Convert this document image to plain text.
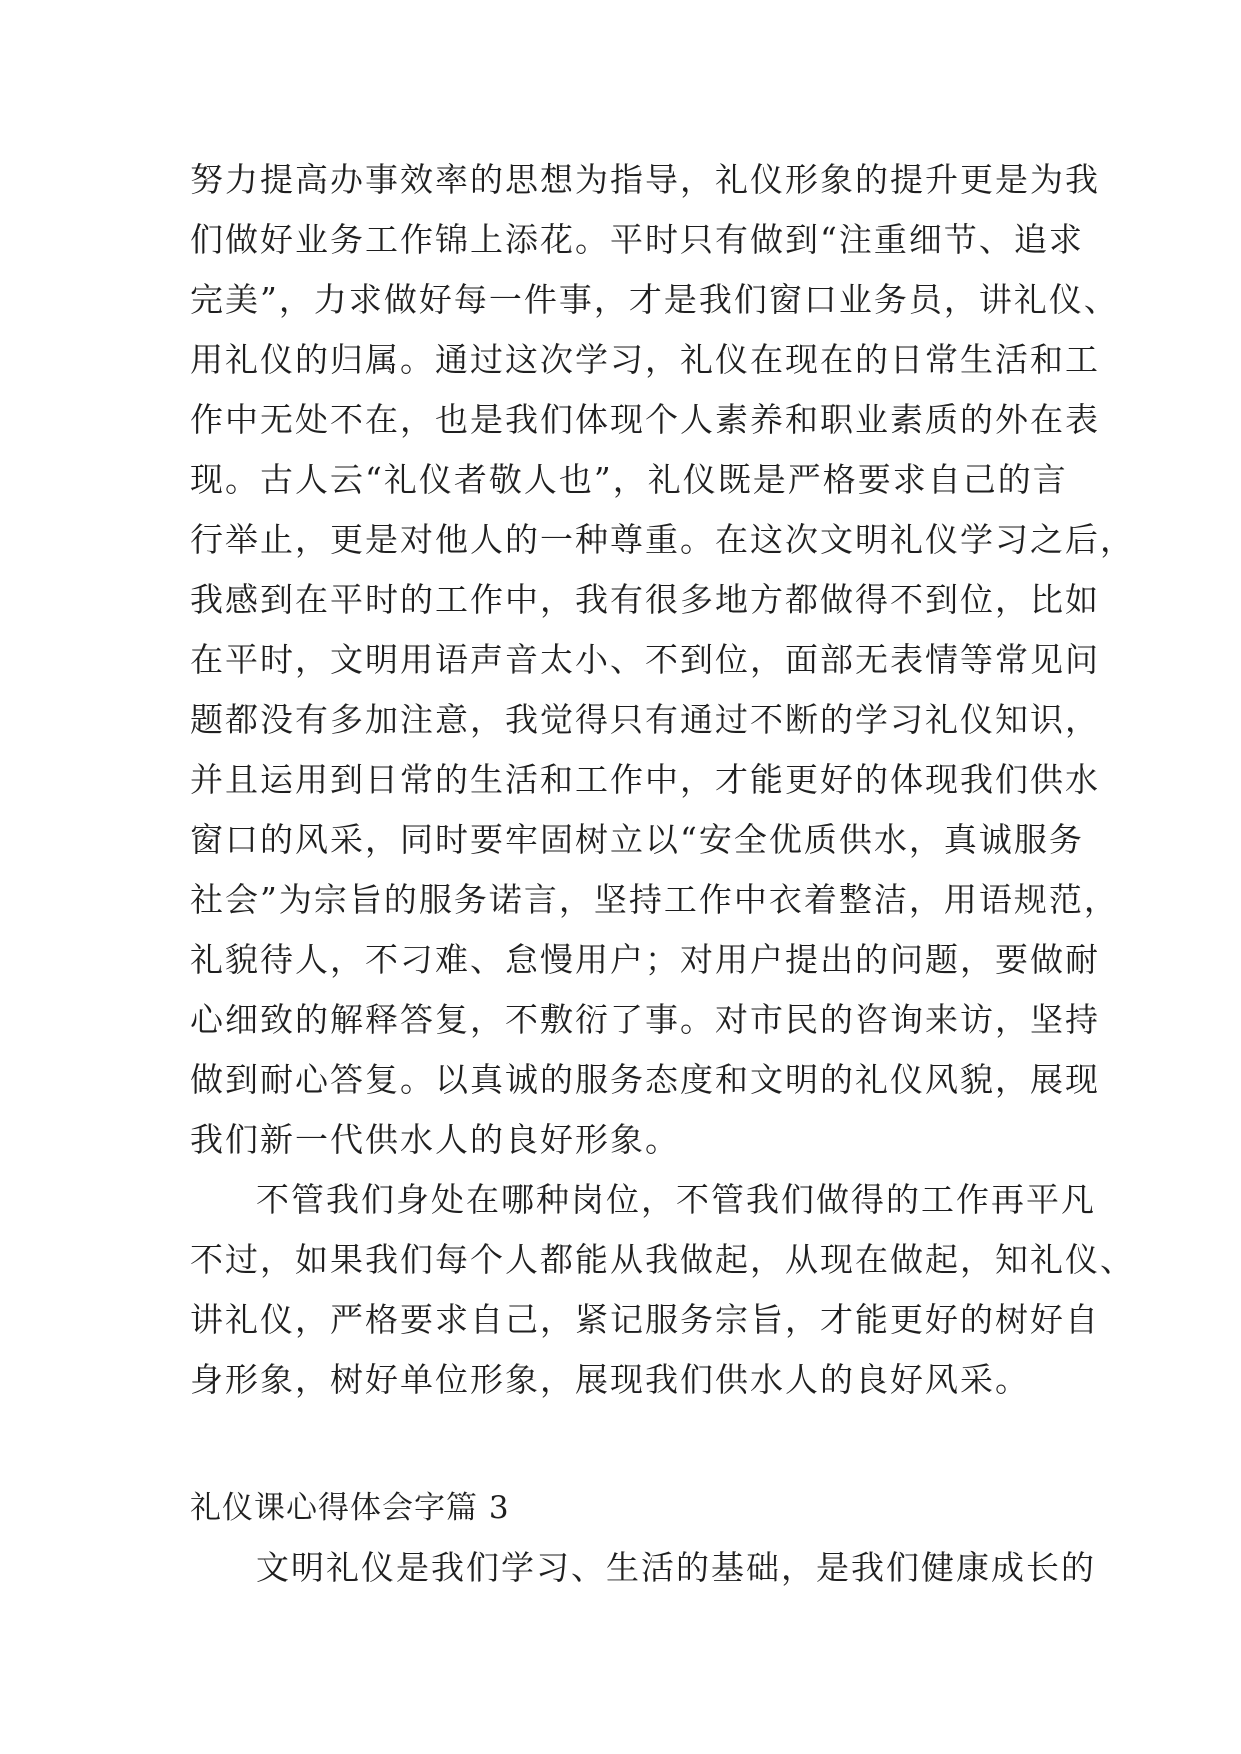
努力提高办事效率的思想为指导，礼仪形象的提升更是为我
们做好业务工作锦上添花。平时只有做到“注重细节、追求
完美”，力求做好每一件事，才是我们窗口业务员，讲礼仪、
用礼仪的归属。通过这次学习，礼仪在现在的日常生活和工
作中无处不在，也是我们体现个人素养和职业素质的外在表
现。古人云“礼仪者敬人也”，礼仪既是严格要求自己的言
行举止，更是对他人的一种尊重。在这次文明礼仪学习之后，
我感到在平时的工作中，我有很多地方都做得不到位，比如
在平时，文明用语声音太小、不到位，面部无表情等常见问
题都没有多加注意，我觉得只有通过不断的学习礼仪知识，
并且运用到日常的生活和工作中，才能更好的体现我们供水
窗口的风采，同时要牢固树立以“安全优质供水，真诚服务
社会”为宗旨的服务诺言，坚持工作中衣着整洁，用语规范，
礼貌待人，不刁难、怠慢用户；对用户提出的问题，要做耐
心细致的解释答复，不敷衍了事。对市民的咨询来访，坚持
做到耐心答复。以真诚的服务态度和文明的礼仪风貌，展现
我们新一代供水人的良好形象。
不管我们身处在哪种岗位，不管我们做得的工作再平凡
不过，如果我们每个人都能从我做起，从现在做起，知礼仪、
讲礼仪，严格要求自己，紧记服务宗旨，才能更好的树好自
身形象，树好单位形象，展现我们供水人的良好风采。
礼仪课心得体会字篇 3
文明礼仪是我们学习、生活的基础，是我们健康成长的
